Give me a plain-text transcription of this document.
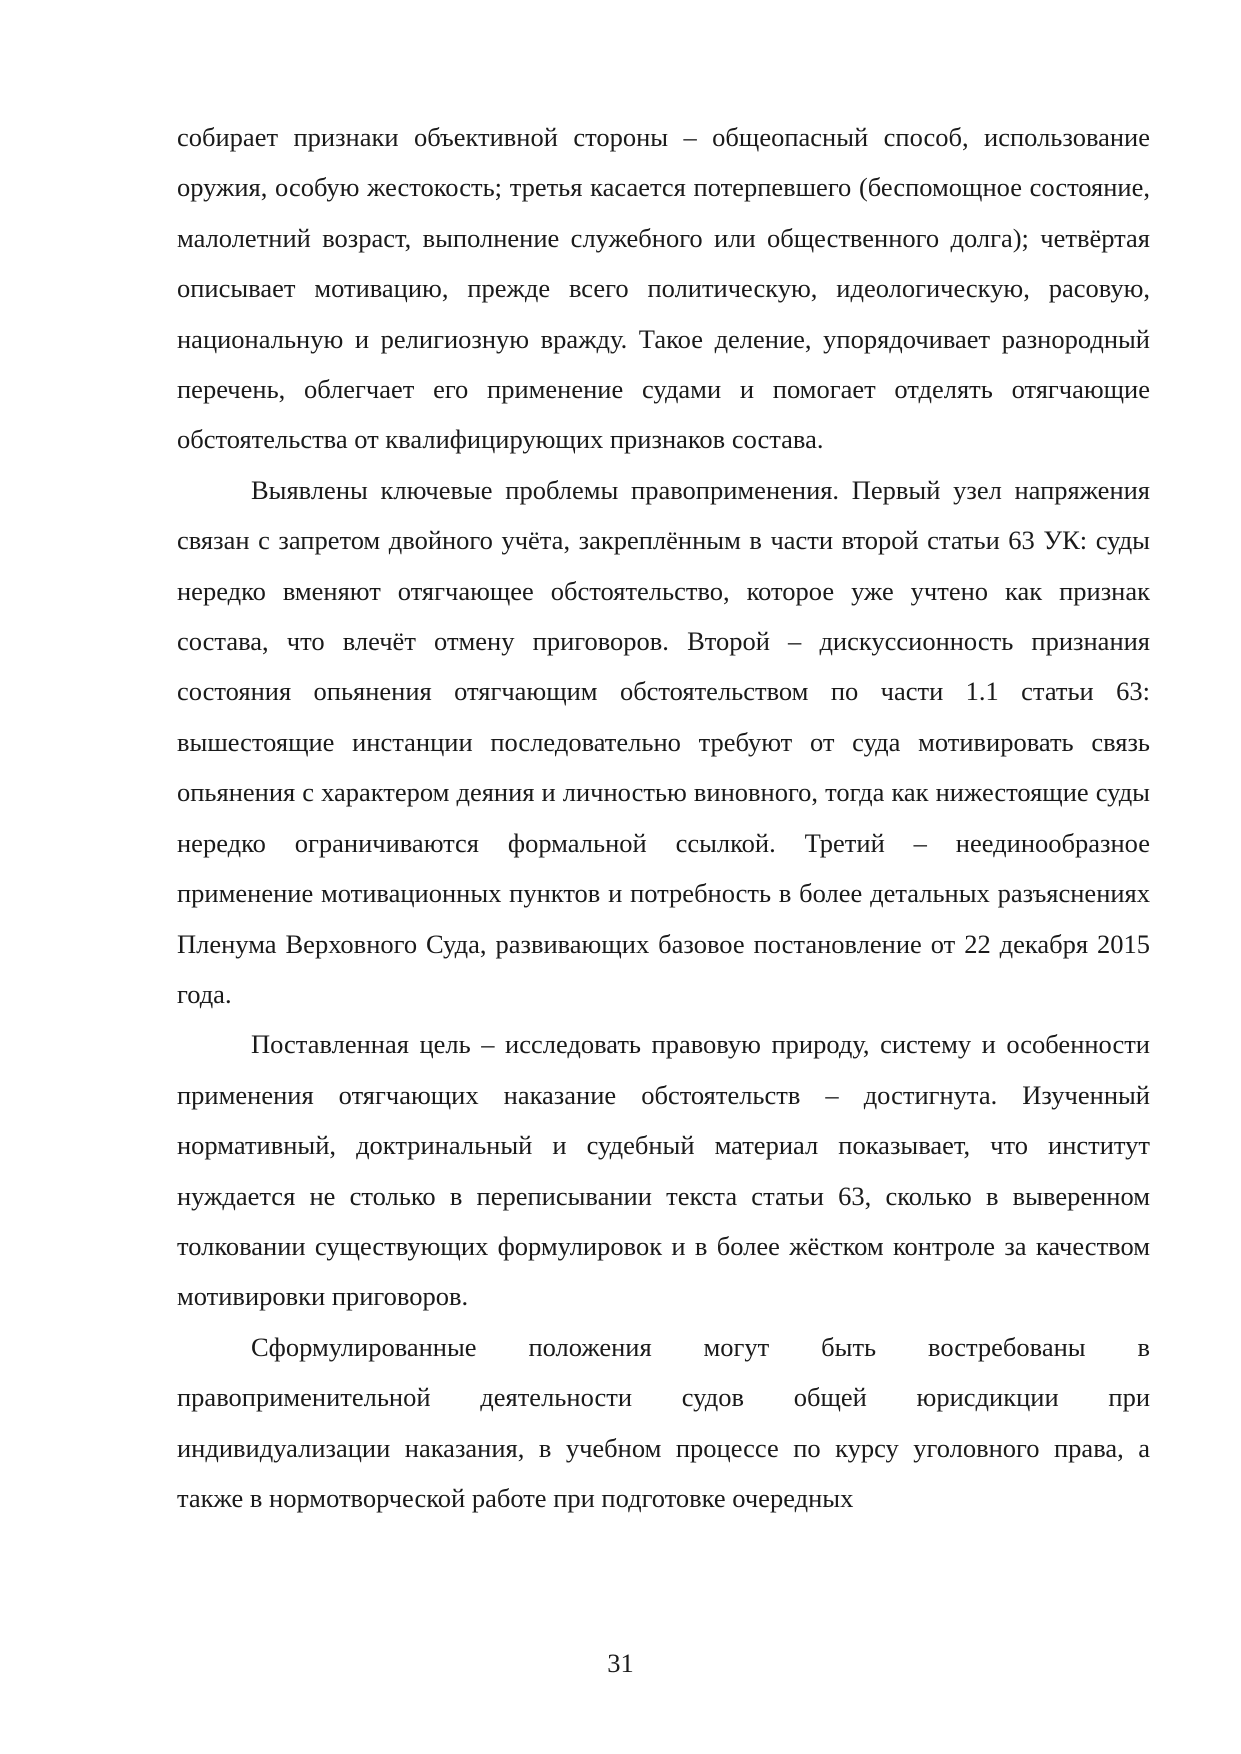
собирает признаки объективной стороны – общеопасный способ, использование оружия, особую жестокость; третья касается потерпевшего (беспомощное состояние, малолетний возраст, выполнение служебного или общественного долга); четвёртая описывает мотивацию, прежде всего политическую, идеологическую, расовую, национальную и религиозную вражду. Такое деление, упорядочивает разнородный перечень, облегчает его применение судами и помогает отделять отягчающие обстоятельства от квалифицирующих признаков состава.

Выявлены ключевые проблемы правоприменения. Первый узел напряжения связан с запретом двойного учёта, закреплённым в части второй статьи 63 УК: суды нередко вменяют отягчающее обстоятельство, которое уже учтено как признак состава, что влечёт отмену приговоров. Второй – дискуссионность признания состояния опьянения отягчающим обстоятельством по части 1.1 статьи 63: вышестоящие инстанции последовательно требуют от суда мотивировать связь опьянения с характером деяния и личностью виновного, тогда как нижестоящие суды нередко ограничиваются формальной ссылкой. Третий – неединообразное применение мотивационных пунктов и потребность в более детальных разъяснениях Пленума Верховного Суда, развивающих базовое постановление от 22 декабря 2015 года.

Поставленная цель – исследовать правовую природу, систему и особенности применения отягчающих наказание обстоятельств – достигнута. Изученный нормативный, доктринальный и судебный материал показывает, что институт нуждается не столько в переписывании текста статьи 63, сколько в выверенном толковании существующих формулировок и в более жёстком контроле за качеством мотивировки приговоров.

Сформулированные положения могут быть востребованы в правоприменительной деятельности судов общей юрисдикции при индивидуализации наказания, в учебном процессе по курсу уголовного права, а также в нормотворческой работе при подготовке очередных

31
